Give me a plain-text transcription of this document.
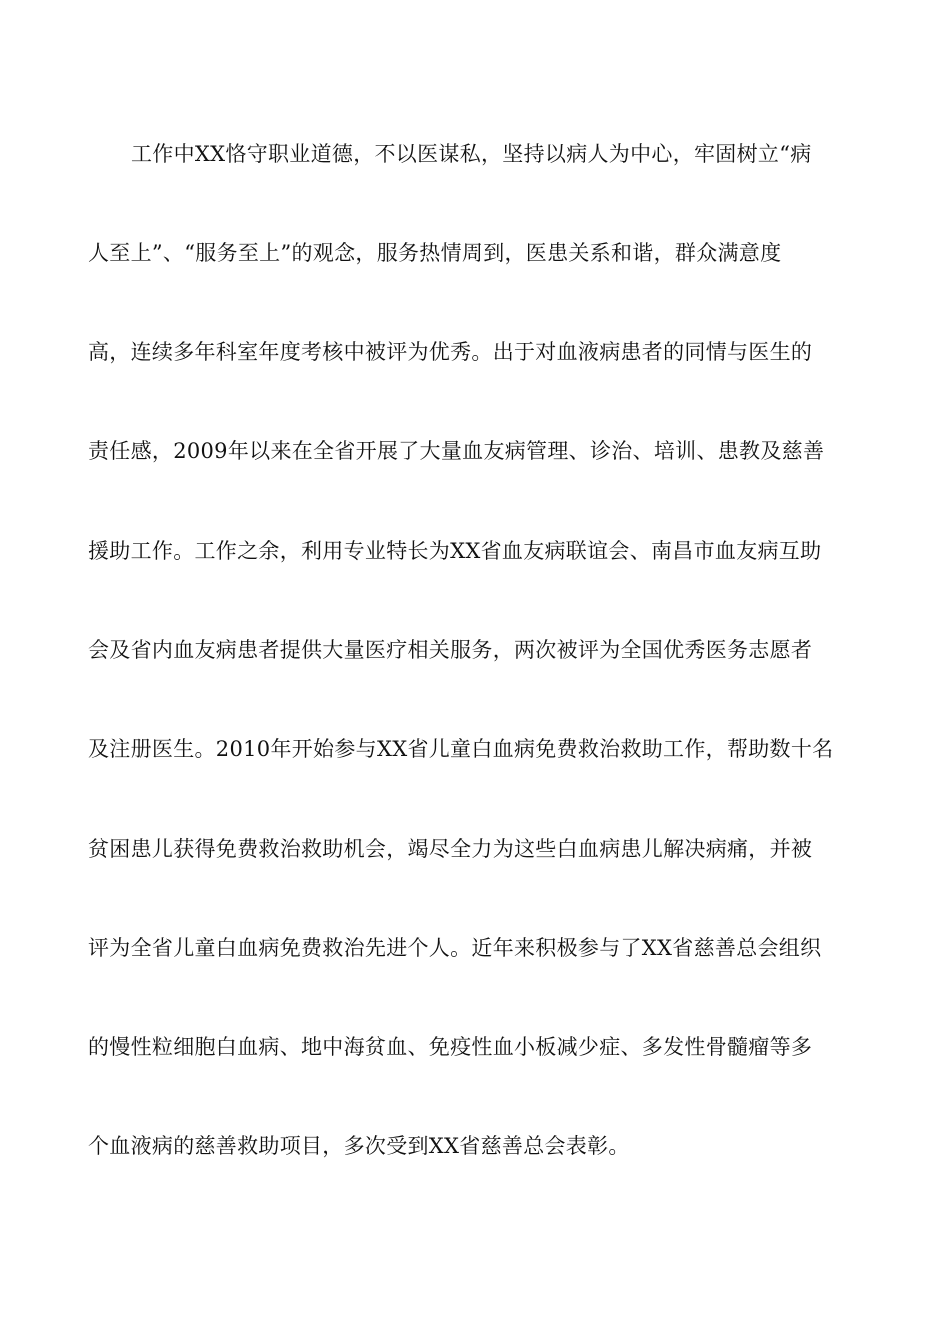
工作中XX恪守职业道德，不以医谋私，坚持以病人为中心，牢固树立“病
人至上”、“服务至上”的观念，服务热情周到，医患关系和谐，群众满意度
高，连续多年科室年度考核中被评为优秀。出于对血液病患者的同情与医生的
责任感，2009年以来在全省开展了大量血友病管理、诊治、培训、患教及慈善
援助工作。工作之余，利用专业特长为XX省血友病联谊会、南昌市血友病互助
会及省内血友病患者提供大量医疗相关服务，两次被评为全国优秀医务志愿者
及注册医生。2010年开始参与XX省儿童白血病免费救治救助工作，帮助数十名
贫困患儿获得免费救治救助机会，竭尽全力为这些白血病患儿解决病痛，并被
评为全省儿童白血病免费救治先进个人。近年来积极参与了XX省慈善总会组织
的慢性粒细胞白血病、地中海贫血、免疫性血小板减少症、多发性骨髓瘤等多
个血液病的慈善救助项目，多次受到XX省慈善总会表彰。
